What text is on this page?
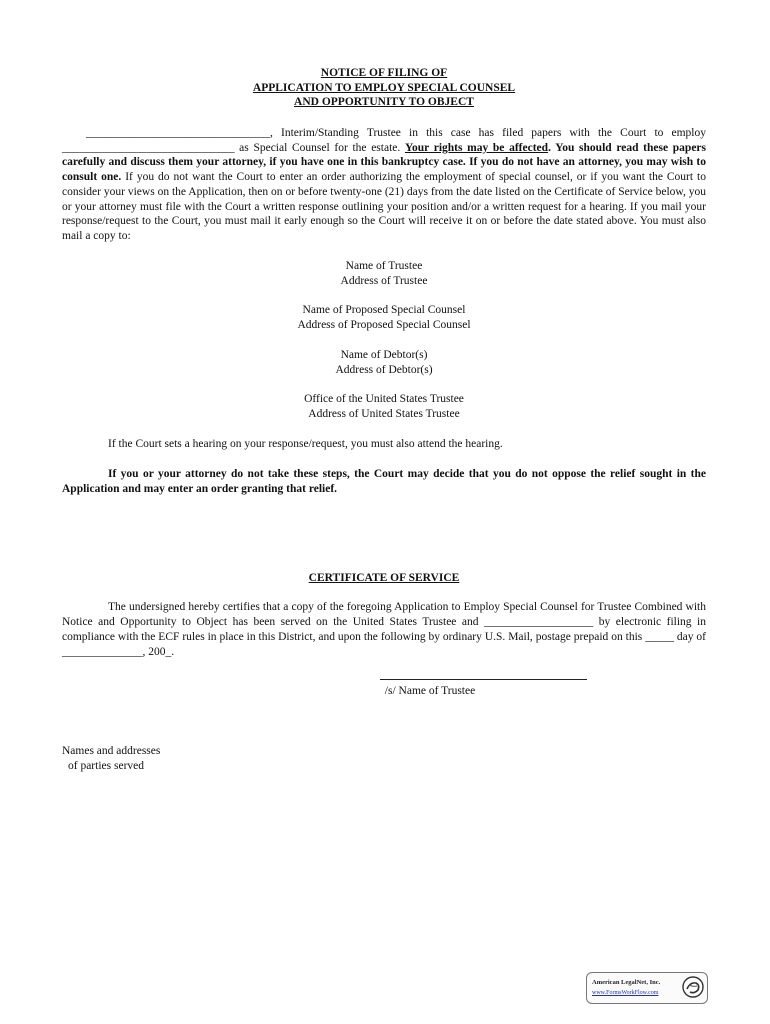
NOTICE OF FILING OF
APPLICATION TO EMPLOY SPECIAL COUNSEL
AND OPPORTUNITY TO OBJECT
________________________________, Interim/Standing Trustee in this case has filed papers with the Court to employ ______________________________ as Special Counsel for the estate. Your rights may be affected. You should read these papers carefully and discuss them your attorney, if you have one in this bankruptcy case. If you do not have an attorney, you may wish to consult one. If you do not want the Court to enter an order authorizing the employment of special counsel, or if you want the Court to consider your views on the Application, then on or before twenty-one (21) days from the date listed on the Certificate of Service below, you or your attorney must file with the Court a written response outlining your position and/or a written request for a hearing. If you mail your response/request to the Court, you must mail it early enough so the Court will receive it on or before the date stated above. You must also mail a copy to:
Name of Trustee
Address of Trustee
Name of Proposed Special Counsel
Address of Proposed Special Counsel
Name of Debtor(s)
Address of Debtor(s)
Office of the United States Trustee
Address of United States Trustee
If the Court sets a hearing on your response/request, you must also attend the hearing.
If you or your attorney do not take these steps, the Court may decide that you do not oppose the relief sought in the Application and may enter an order granting that relief.
CERTIFICATE OF SERVICE
The undersigned hereby certifies that a copy of the foregoing Application to Employ Special Counsel for Trustee Combined with Notice and Opportunity to Object has been served on the United States Trustee and ___________________ by electronic filing in compliance with the ECF rules in place in this District, and upon the following by ordinary U.S. Mail, postage prepaid on this _____ day of ______________, 200_.
/s/ Name of Trustee
Names and addresses
of parties served
American LegalNet, Inc.
www.FormsWorkFlow.com
